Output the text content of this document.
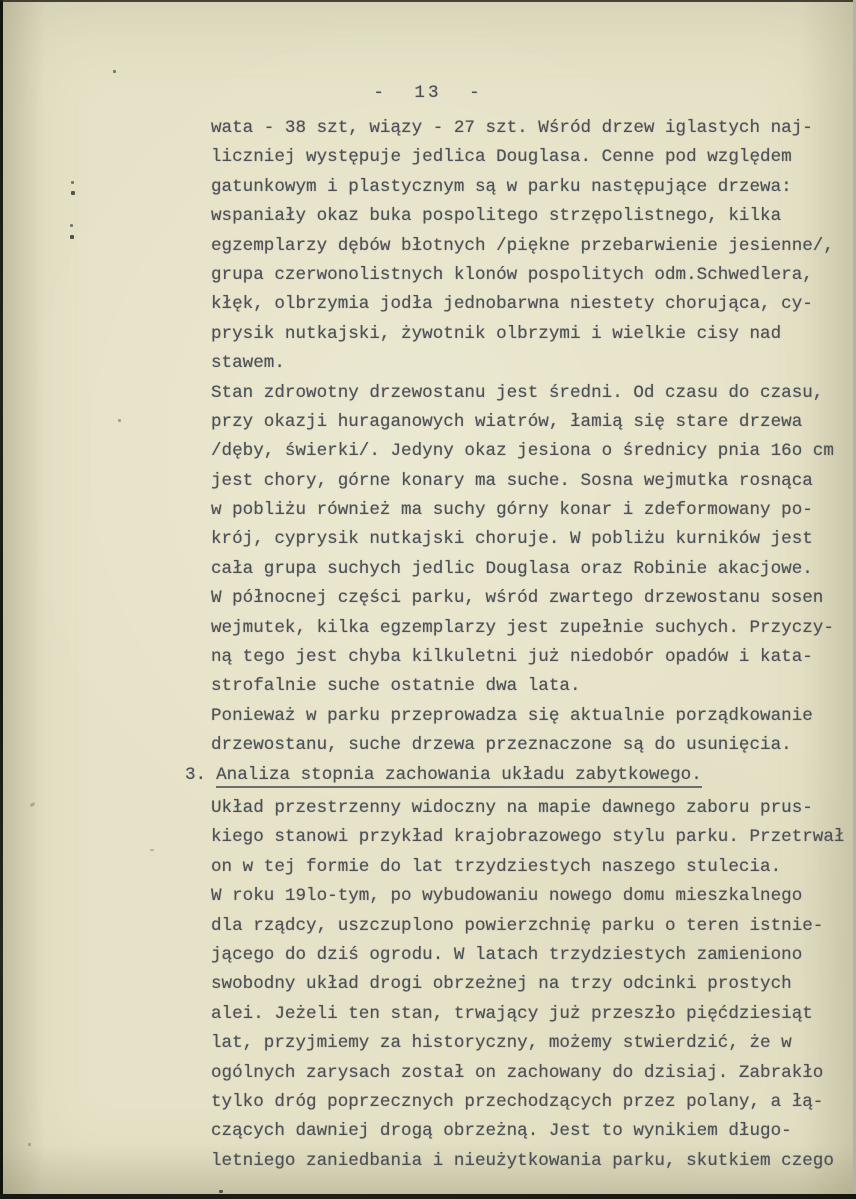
- 13 -
wata - 38 szt, wiązy - 27 szt. Wśród drzew iglastych naj-
liczniej występuje jedlica Douglasa. Cenne pod względem
gatunkowym i plastycznym są w parku następujące drzewa:
wspaniały okaz buka pospolitego strzępolistnego, kilka
egzemplarzy dębów błotnych /piękne przebarwienie jesienne/,
grupa czerwonolistnych klonów pospolitych odm.Schwedlera,
kłęk, olbrzymia jodła jednobarwna niestety chorująca, cy-
prysik nutkajski, żywotnik olbrzymi i wielkie cisy nad
stawem.
Stan zdrowotny drzewostanu jest średni. Od czasu do czasu,
przy okazji huraganowych wiatrów, łamią się stare drzewa
/dęby, świerki/. Jedyny okaz jesiona o średnicy pnia 16o cm
jest chory, górne konary ma suche. Sosna wejmutka rosnąca
w pobliżu również ma suchy górny konar i zdeformowany po-
krój, cyprysik nutkajski choruje. W pobliżu kurników jest
cała grupa suchych jedlic Douglasa oraz Robinie akacjowe.
W północnej części parku, wśród zwartego drzewostanu sosen
wejmutek, kilka egzemplarzy jest zupełnie suchych. Przyczy-
ną tego jest chyba kilkuletni już niedobór opadów i kata-
strofalnie suche ostatnie dwa lata.
Ponieważ w parku przeprowadza się aktualnie porządkowanie
drzewostanu, suche drzewa przeznaczone są do usunięcia.
3. Analiza stopnia zachowania układu zabytkowego.
Układ przestrzenny widoczny na mapie dawnego zaboru prus-
kiego stanowi przykład krajobrazowego stylu parku. Przetrwał
on w tej formie do lat trzydziestych naszego stulecia.
W roku 19lo-tym, po wybudowaniu nowego domu mieszkalnego
dla rządcy, uszczuplono powierzchnię parku o teren istnie-
jącego do dziś ogrodu. W latach trzydziestych zamieniono
swobodny układ drogi obrzeżnej na trzy odcinki prostych
alei. Jeżeli ten stan, trwający już przeszło pięćdziesiąt
lat, przyjmiemy za historyczny, możemy stwierdzić, że w
ogólnych zarysach został on zachowany do dzisiaj. Zabrakło
tylko dróg poprzecznych przechodzących przez polany, a łą-
czących dawniej drogą obrzeżną. Jest to wynikiem długo-
letniego zaniedbania i nieużytkowania parku, skutkiem czego
